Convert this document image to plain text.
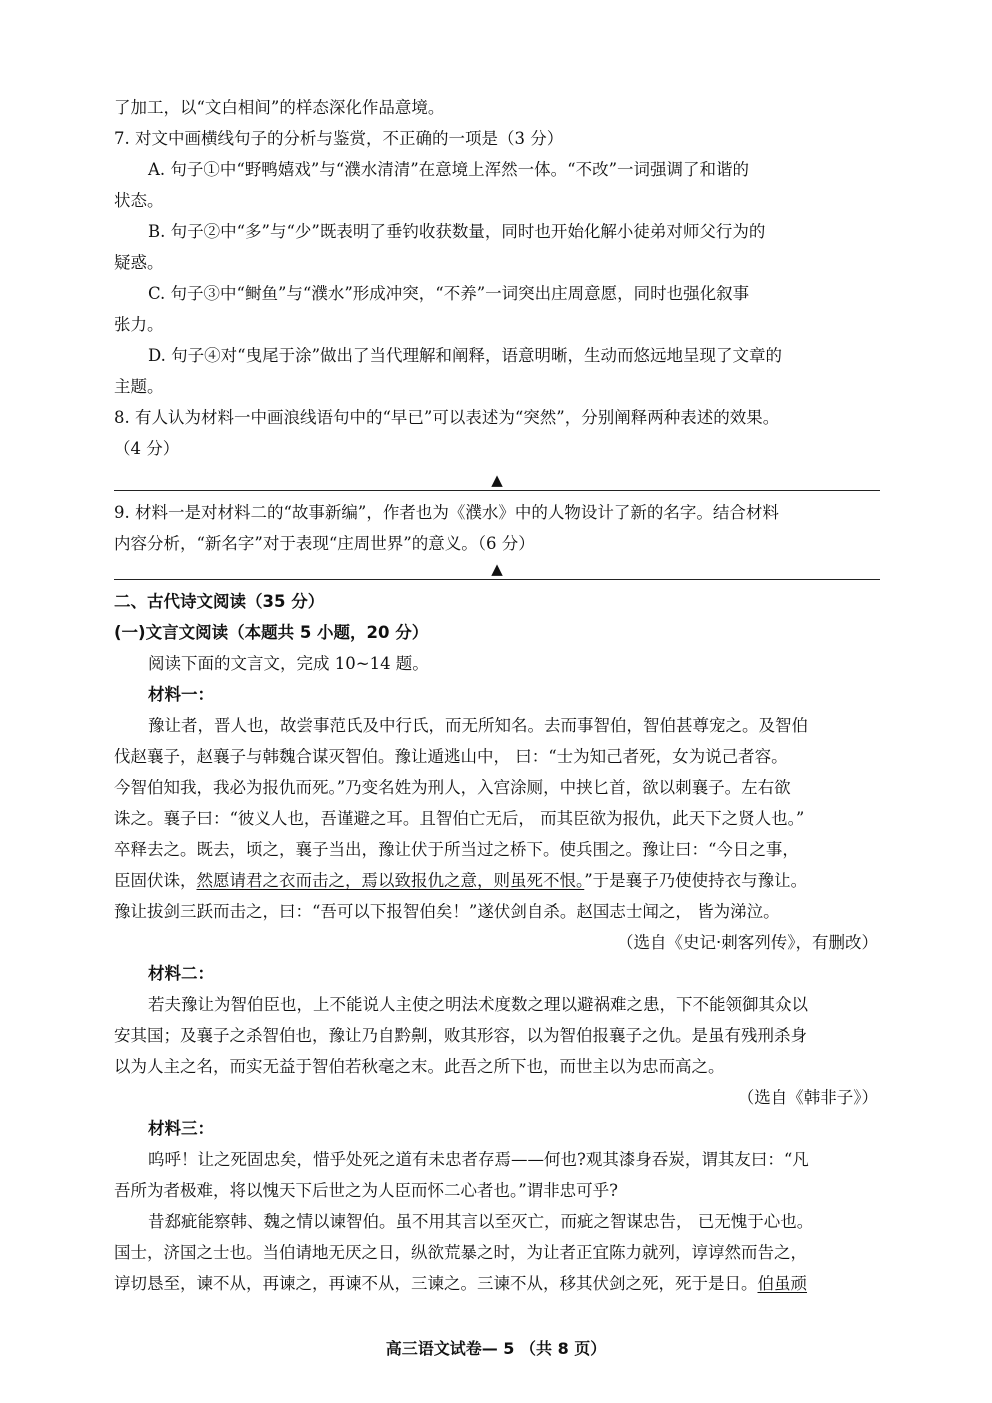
了加工，以“文白相间”的样态深化作品意境。
7. 对文中画横线句子的分析与鉴赏，不正确的一项是（3 分）
A. 句子①中“野鸭嬉戏”与“濮水清清”在意境上浑然一体。“不改”一词强调了和谐的
状态。
B. 句子②中“多”与“少”既表明了垂钓收获数量，同时也开始化解小徒弟对师父行为的
疑惑。
C. 句子③中“鲥鱼”与“濮水”形成冲突，“不养”一词突出庄周意愿，同时也强化叙事
张力。
D. 句子④对“曳尾于涂”做出了当代理解和阐释，语意明晰，生动而悠远地呈现了文章的
主题。
8. 有人认为材料一中画浪线语句中的“早已”可以表述为“突然”，分别阐释两种表述的效果。
（4 分）
▲
9. 材料一是对材料二的“故事新编”，作者也为《濮水》中的人物设计了新的名字。结合材料
内容分析，“新名字”对于表现“庄周世界”的意义。（6 分）
▲
二、古代诗文阅读（35 分）
(一)文言文阅读（本题共 5 小题，20 分）
阅读下面的文言文，完成 10~14 题。
材料一：
豫让者，晋人也，故尝事范氏及中行氏，而无所知名。去而事智伯，智伯甚尊宠之。及智伯
伐赵襄子，赵襄子与韩魏合谋灭智伯。豫让遁逃山中， 曰：“士为知己者死，女为说己者容。
今智伯知我，我必为报仇而死。”乃变名姓为刑人，入宫涂厕，中挟匕首，欲以刺襄子。左右欲
诛之。襄子曰：“彼义人也，吾谨避之耳。且智伯亡无后， 而其臣欲为报仇，此天下之贤人也。”
卒释去之。既去，顷之，襄子当出，豫让伏于所当过之桥下。使兵围之。豫让曰：“今日之事，
臣固伏诛，然愿请君之衣而击之，焉以致报仇之意，则虽死不恨。”于是襄子乃使使持衣与豫让。
豫让拔剑三跃而击之，曰：“吾可以下报智伯矣！”遂伏剑自杀。赵国志士闻之， 皆为涕泣。
（选自《史记·刺客列传》，有删改）
材料二：
若夫豫让为智伯臣也，上不能说人主使之明法术度数之理以避祸难之患，下不能领御其众以
安其国；及襄子之杀智伯也，豫让乃自黔劓，败其形容，以为智伯报襄子之仇。是虽有残刑杀身
以为人主之名，而实无益于智伯若秋毫之末。此吾之所下也，而世主以为忠而高之。
（选自《韩非子》）
材料三：
呜呼！让之死固忠矣，惜乎处死之道有未忠者存焉——何也?观其漆身吞炭，谓其友曰：“凡
吾所为者极难，将以愧天下后世之为人臣而怀二心者也。”谓非忠可乎?
昔郄疵能察韩、魏之情以谏智伯。虽不用其言以至灭亡，而疵之智谋忠告， 已无愧于心也。
国士，济国之士也。当伯请地无厌之日，纵欲荒暴之时，为让者正宜陈力就列，谆谆然而告之，
谆切恳至，谏不从，再谏之，再谏不从，三谏之。三谏不从，移其伏剑之死，死于是日。伯虽顽
高三语文试卷— 5 （共 8 页）
